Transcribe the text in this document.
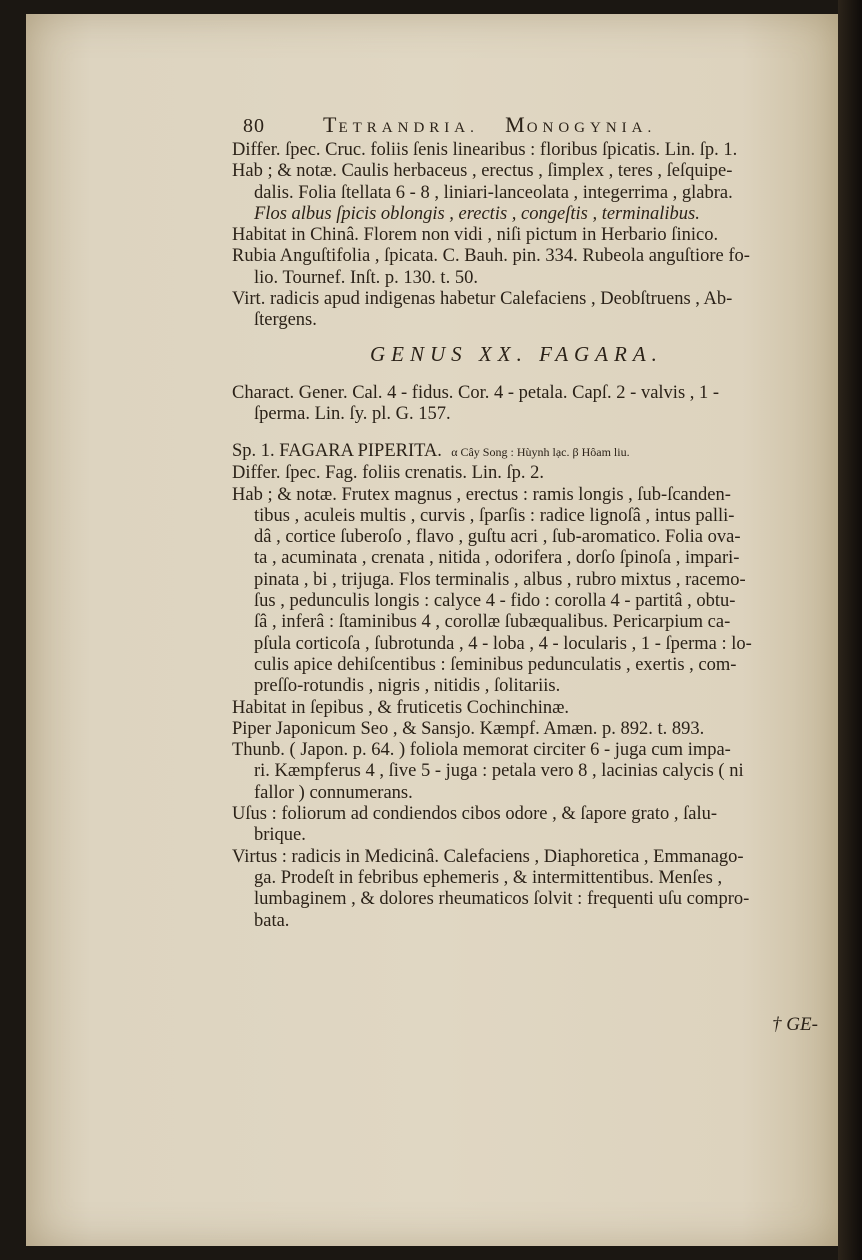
80	TETRANDRIA. MONOGYNIA.
Differ. ſpec. Cruc. foliis ſenis linearibus : floribus ſpicatis. Lin. ſp. 1.
Hab ; & notæ. Caulis herbaceus , erectus , ſimplex , teres , ſeſquipe-
dalis. Folia ſtellata 6 - 8 , liniari-lanceolata , integerrima , glabra.
Flos albus ſpicis oblongis , erectis , congeſtis , terminalibus.
Habitat in Chinâ. Florem non vidi , niſi pictum in Herbario ſinico.
Rubia Anguſtifolia , ſpicata. C. Bauh. pin. 334. Rubeola anguſtiore fo-
lio. Tournef. Inſt. p. 130. t. 50.
Virt. radicis apud indigenas habetur Calefaciens , Deobſtruens , Ab-
ſtergens.
GENUS XX. FAGARA.
Charact. Gener. Cal. 4 - fidus. Cor. 4 - petala. Capſ. 2 - valvis , 1 -
ſperma. Lin. ſy. pl. G. 157.
Sp. 1. FAGARA PIPERITA. α Cây Song : Hùynh lạc. β Hôam liu.
Differ. ſpec. Fag. foliis crenatis. Lin. ſp. 2.
Hab ; & notæ. Frutex magnus , erectus : ramis longis , ſub-ſcanden-
tibus , aculeis multis , curvis , ſparſis : radice lignoſâ , intus palli-
dâ , cortice ſuberoſo , flavo , guſtu acri , ſub-aromatico. Folia ova-
ta , acuminata , crenata , nitida , odorifera , dorſo ſpinoſa , impari-
pinata , bi , trijuga. Flos terminalis , albus , rubro mixtus , racemo-
ſus , pedunculis longis : calyce 4 - fido : corolla 4 - partitâ , obtu-
ſâ , inferâ : ſtaminibus 4 , corollæ ſubæqualibus. Pericarpium ca-
pſula corticoſa , ſubrotunda , 4 - loba , 4 - locularis , 1 - ſperma : lo-
culis apice dehiſcentibus : ſeminibus pedunculatis , exertis , com-
preſſo-rotundis , nigris , nitidis , ſolitariis.
Habitat in ſepibus , & fruticetis Cochinchinæ.
Piper Japonicum Seo , & Sansjo. Kæmpf. Amæn. p. 892. t. 893.
Thunb. ( Japon. p. 64. ) foliola memorat circiter 6 - juga cum impa-
ri. Kæmpferus 4 , ſive 5 - juga : petala vero 8 , lacinias calycis ( ni
fallor ) connumerans.
Uſus : foliorum ad condiendos cibos odore , & ſapore grato , ſalu-
brique.
Virtus : radicis in Medicinâ. Calefaciens , Diaphoretica , Emmanago-
ga. Prodeſt in febribus ephemeris , & intermittentibus. Menſes ,
lumbaginem , & dolores rheumaticos ſolvit : frequenti uſu compro-
bata.
† GE-
